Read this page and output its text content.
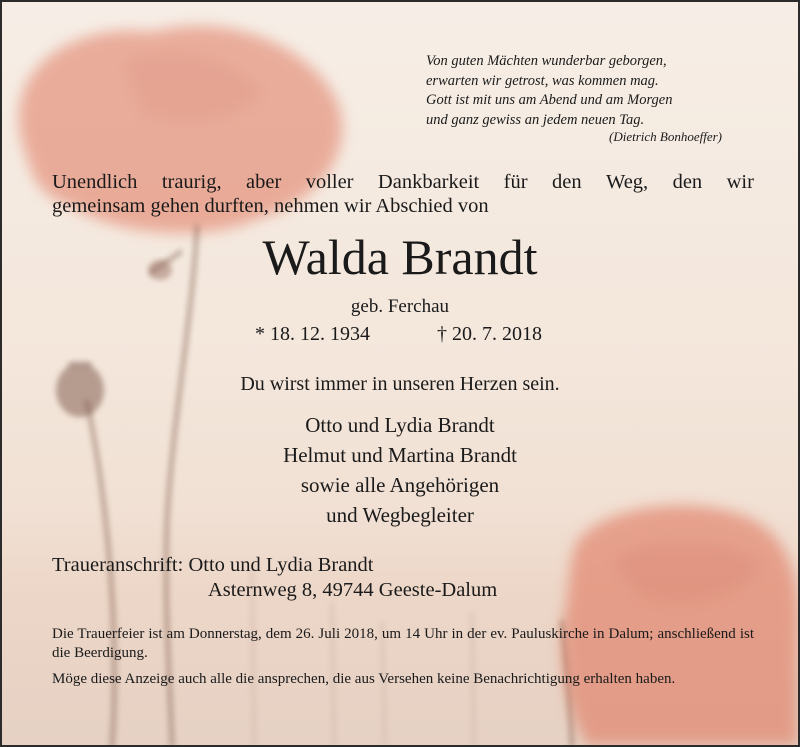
Von guten Mächten wunderbar geborgen,
erwarten wir getrost, was kommen mag.
Gott ist mit uns am Abend und am Morgen
und ganz gewiss an jedem neuen Tag.
(Dietrich Bonhoeffer)
Unendlich traurig, aber voller Dankbarkeit für den Weg, den wir
gemeinsam gehen durften, nehmen wir Abschied von
Walda Brandt
geb. Ferchau
* 18. 12. 1934	† 20. 7. 2018
Du wirst immer in unseren Herzen sein.
Otto und Lydia Brandt
Helmut und Martina Brandt
sowie alle Angehörigen
und Wegbegleiter
Traueranschrift: Otto und Lydia Brandt
Asternweg 8, 49744 Geeste-Dalum
Die Trauerfeier ist am Donnerstag, dem 26. Juli 2018, um 14 Uhr in der ev. Pauluskirche in Dalum; anschließend ist die Beerdigung.
Möge diese Anzeige auch alle die ansprechen, die aus Versehen keine Benachrichtigung erhalten haben.
